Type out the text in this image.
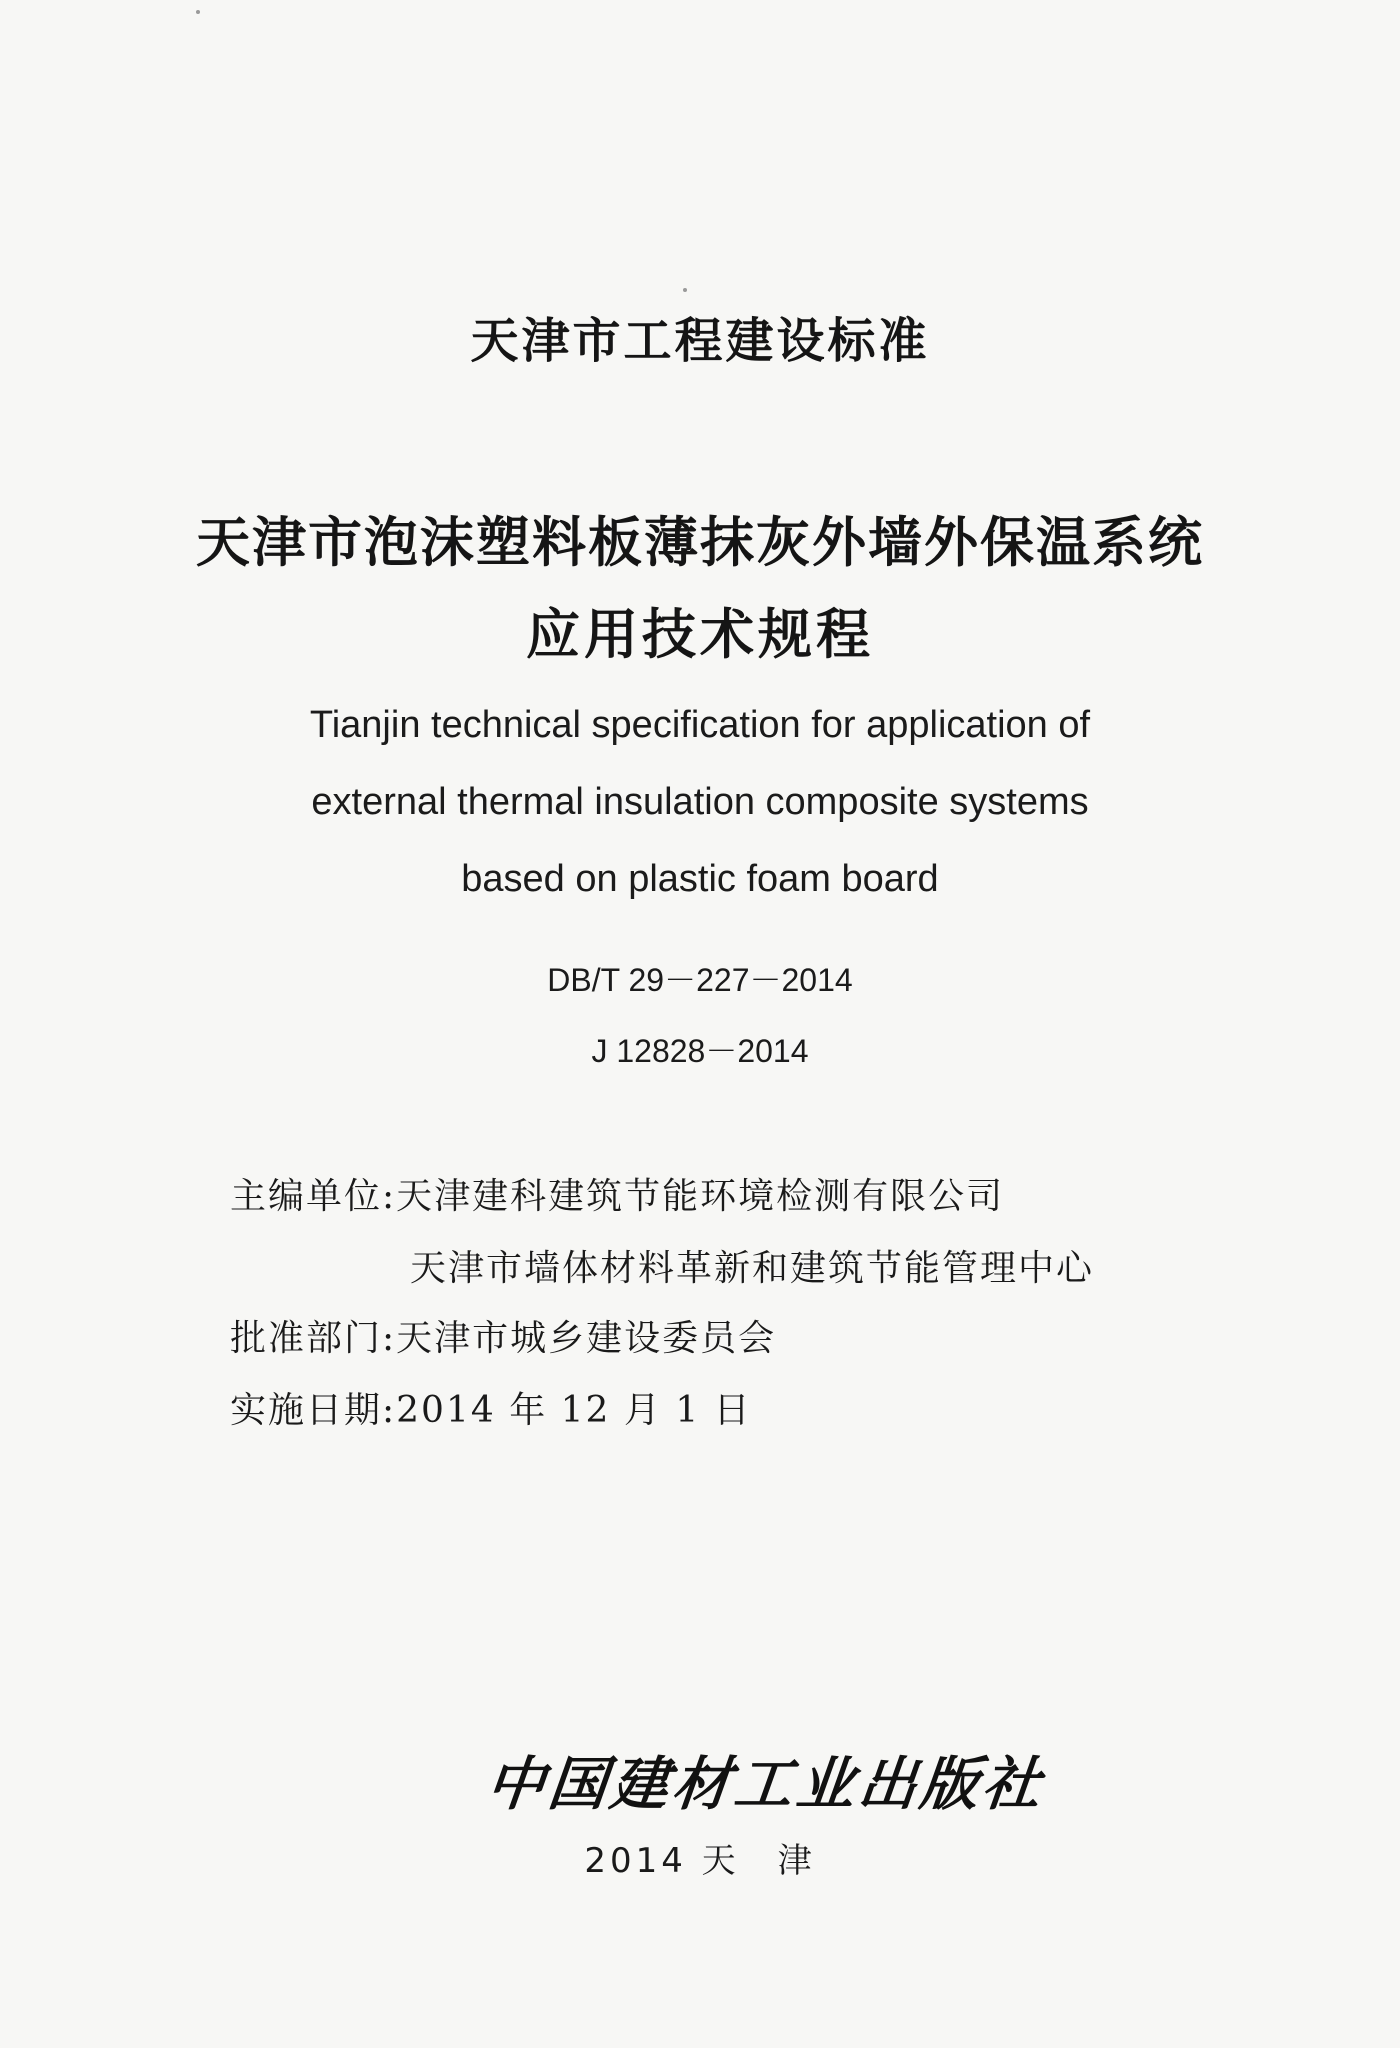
天津市工程建设标准
天津市泡沫塑料板薄抹灰外墙外保温系统
应用技术规程
Tianjin technical specification for application of
external thermal insulation composite systems
based on plastic foam board
DB/T 29－227－2014
J 12828－2014
主编单位:天津建科建筑节能环境检测有限公司
天津市墙体材料革新和建筑节能管理中心
批准部门:天津市城乡建设委员会
实施日期:2014 年 12 月 1 日
中国建材工业出版社
2014 天　津
